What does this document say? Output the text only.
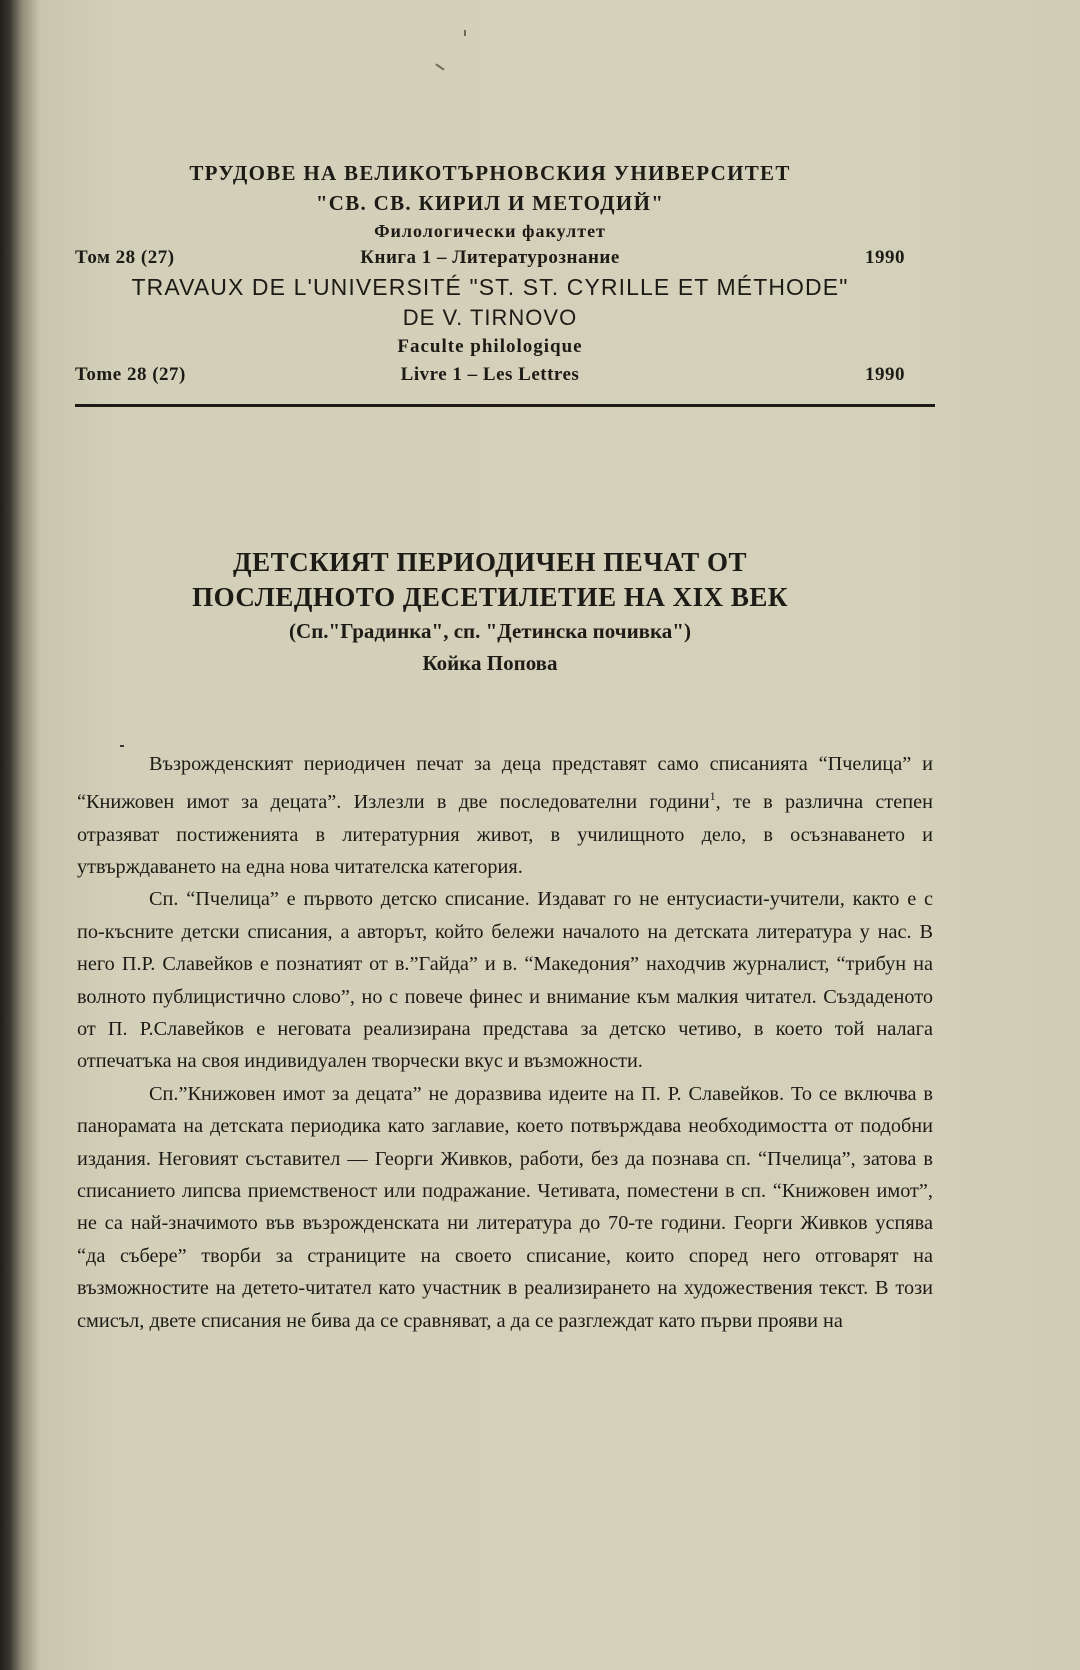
ТРУДОВЕ НА ВЕЛИКОТЪРНОВСКИЯ УНИВЕРСИТЕТ
"СВ. СВ. КИРИЛ И МЕТОДИЙ"
Филологически факултет
Том 28 (27)	Книга 1 – Литературознание	1990
TRAVAUX DE L'UNIVERSITÉ "ST. ST. CYRILLE ET MÉTHODE"
DE V. TIRNOVO
Faculte philologique
Tome 28 (27)	Livre 1 – Les Lettres	1990
ДЕТСКИЯТ ПЕРИОДИЧЕН ПЕЧАТ ОТ
ПОСЛЕДНОТО ДЕСЕТИЛЕТИЕ НА XIX ВЕК
(Сп."Градинка", сп. "Детинска почивка")
Койка Попова

Възрожденският периодичен печат за деца представят само списанията “Пчелица” и “Книжовен имот за децата”. Излезли в две последователни години$^1$, те в различна степен отразяват постиженията в литературния живот, в училищното дело, в осъзнаването и утвърждаването на една нова читателска категория.

Сп. “Пчелица” е първото детско списание. Издават го не ентусиасти-учители, както е с по-късните детски списания, а авторът, който бележи началото на детската литература у нас. В него П.Р. Славейков е познатият от в.”Гайда” и в. “Македония” находчив журналист, “трибун на волното публицистично слово”, но с повече финес и внимание към малкия читател. Създаденото от П. Р.Славейков е неговата реализирана представа за детско четиво, в което той налага отпечатъка на своя индивидуален творчески вкус и възможности.

Сп.”Книжовен имот за децата” не доразвива идеите на П. Р. Славейков. То се включва в панорамата на детската периодика като заглавие, което потвърждава необходимостта от подобни издания. Неговият съставител — Георги Живков, работи, без да познава сп. “Пчелица”, затова в списанието липсва приемственост или подражание. Четивата, поместени в сп. “Книжовен имот”, не са най-значимото във възрожденската ни литература до 70-те години. Георги Живков успява “да събере” творби за страниците на своето списание, които според него отговарят на възможностите на детето-читател като участник в реализирането на художествения текст. В този смисъл, двете списания не бива да се сравняват, а да се разглеждат като първи прояви на
